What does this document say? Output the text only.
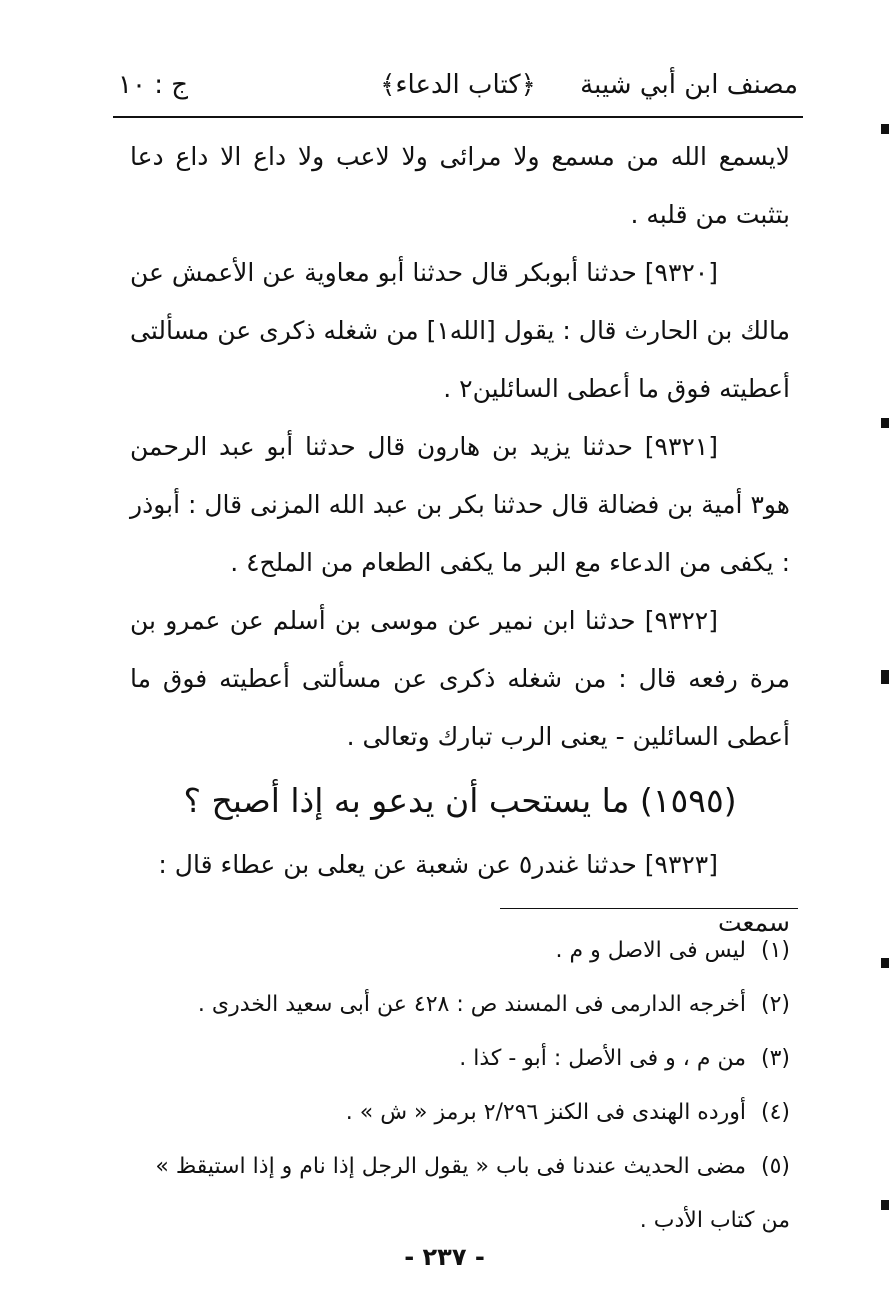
مصنف ابن أبي شيبة
﴿كتاب الدعاء﴾
ج : ١٠

لايسمع الله من مسمع ولا مرائى ولا لاعب ولا داع الا داع دعا بتثبت من قلبه .

[٩٣٢٠] حدثنا أبوبكر قال حدثنا أبو معاوية عن الأعمش عن مالك بن الحارث قال : يقول [الله١] من شغله ذكرى عن مسألتى أعطيته فوق ما أعطى السائلين٢ .

[٩٣٢١] حدثنا يزيد بن هارون قال حدثنا أبو عبد الرحمن هو٣ أمية بن فضالة قال حدثنا بكر بن عبد الله المزنى قال : أبوذر : يكفى من الدعاء مع البر ما يكفى الطعام من الملح٤ .

[٩٣٢٢] حدثنا ابن نمير عن موسى بن أسلم عن عمرو بن مرة رفعه قال : من شغله ذكرى عن مسألتى أعطيته فوق ما أعطى السائلين - يعنى الرب تبارك وتعالى .

(١٥٩٥) ما يستحب أن يدعو به إذا أصبح ؟

[٩٣٢٣] حدثنا غندر٥ عن شعبة عن يعلى بن عطاء قال : سمعت

(١)ليس فى الاصل و م .

(٢)أخرجه الدارمى فى المسند ص : ٤٢٨ عن أبى سعيد الخدرى .

(٣)من م ، و فى الأصل : أبو - كذا .

(٤)أورده الهندى فى الكنز ٢/٢٩٦ برمز « ش » .

(٥)مضى الحديث عندنا فى باب « يقول الرجل إذا نام و إذا استيقظ » من كتاب الأدب .

- ٢٣٧ -
